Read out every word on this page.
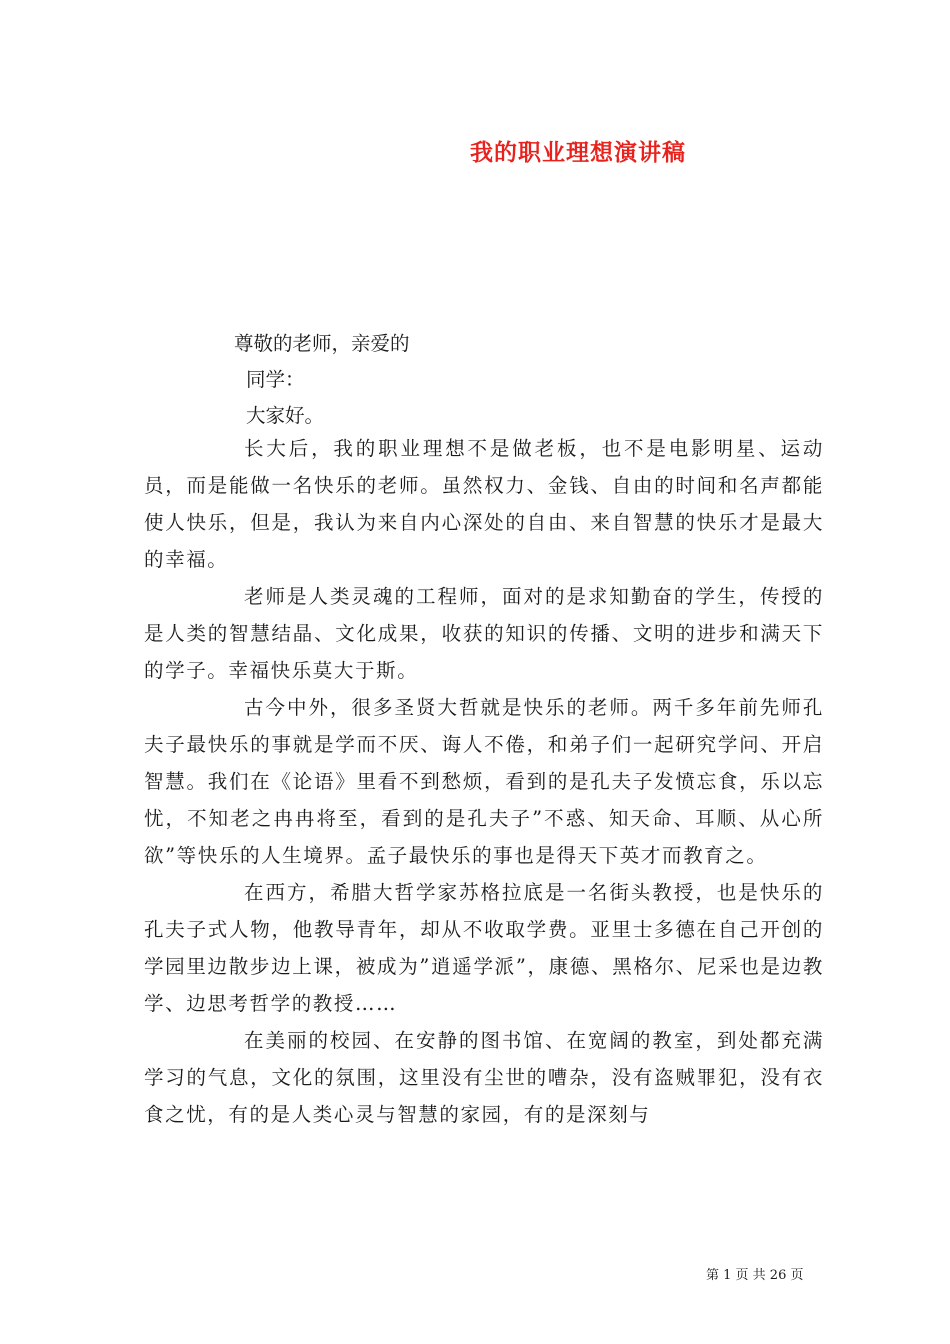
我的职业理想演讲稿
尊敬的老师，亲爱的
同学：
大家好。

长大后，我的职业理想不是做老板，也不是电影明星、运动员，而是能做一名快乐的老师。虽然权力、金钱、自由的时间和名声都能使人快乐，但是，我认为来自内心深处的自由、来自智慧的快乐才是最大的幸福。

老师是人类灵魂的工程师，面对的是求知勤奋的学生，传授的是人类的智慧结晶、文化成果，收获的知识的传播、文明的进步和满天下的学子。幸福快乐莫大于斯。

古今中外，很多圣贤大哲就是快乐的老师。两千多年前先师孔夫子最快乐的事就是学而不厌、诲人不倦，和弟子们一起研究学问、开启智慧。我们在《论语》里看不到愁烦，看到的是孔夫子发愤忘食，乐以忘忧，不知老之冉冉将至，看到的是孔夫子”不惑、知天命、耳顺、从心所欲”等快乐的人生境界。孟子最快乐的事也是得天下英才而教育之。

在西方，希腊大哲学家苏格拉底是一名街头教授，也是快乐的孔夫子式人物，他教导青年，却从不收取学费。亚里士多德在自己开创的学园里边散步边上课，被成为”逍遥学派”，康德、黑格尔、尼采也是边教学、边思考哲学的教授……

在美丽的校园、在安静的图书馆、在宽阔的教室，到处都充满学习的气息，文化的氛围，这里没有尘世的嘈杂，没有盗贼罪犯，没有衣食之忧，有的是人类心灵与智慧的家园，有的是深刻与

第 1 页 共 26 页
